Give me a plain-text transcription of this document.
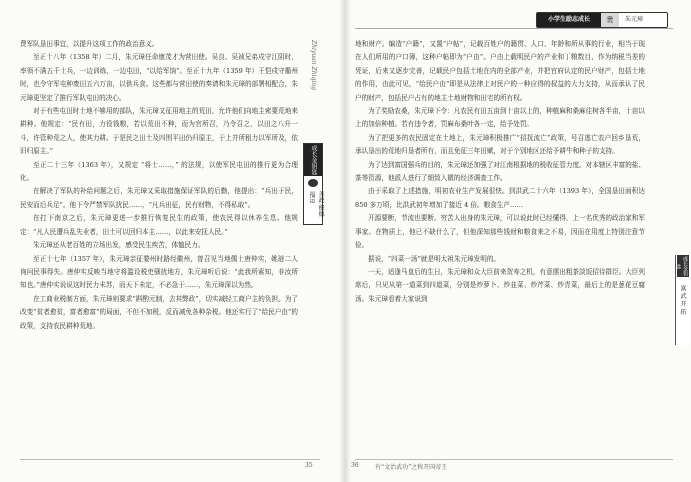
费军队垦田事宜，以提升这项工作的政治意义。

至正十八年（1358 年）二月，朱元璋任命康茂才为营田使。吴良、吴祯兄弟戍守江阴时，率领不满五千士兵，一边训练，一边屯田，“以给军饷”。至正十九年（1359 年）王恺戍守衢州时，也令守军屯种废田五六万亩，以供兵食。这些都与营田使的奏请和朱元璋的部署相配合，朱元璋更坚定了推行军队屯田的决心。

对于有些屯田时土地不够用的部队，朱元璋又征用地主的荒田，允许他们向地主索要荒地来耕种。他规定：“民有田，力役钱粮，若以荒田不种，而为官所召，乃令召之，以田之八升一斗，许管种荒之人，使其力耕。于是民之田土及四围平田仍归原主，于上并所租力以军所及，依旧归原主。”

至正二十三年（1363 年），又规定 “将士……，” 的法规，以使军民屯田的推行更为合理化。

在解决了军队的补给问题之后，朱元璋又采取措施保证军队的后勤，他提出：“兵出于民，民安而后兵足”。他下令严禁军队扰民……，“凡兵出征，民有财物，不得私取”。

在打下南京之后，朱元璋更进一步推行恢复民生的政策，使农民得以休养生息。他规定：“凡人民遭兵乱失业者，田土可以回归本主……，以此来安抚人民。”

朱元璋还从老百姓的立场出发，感受民生疾苦，体恤民力。

至正十七年（1357 年），朱元璋亲征婺州时路经徽州，曾召见当地儒士唐仲实，姚琏二人询问民事得失。唐仲实反映当地守将滥设税吏骚扰地方，朱元璋听后说：“此我所素知，非汝所知也。”唐仲实说说这时民力未苏，而天下未定，不必急于……，朱元璋深以为然。

在工商业税制方面，朱元璋则要求“斟酌元制，去其弊政”，切实减轻工商户主的负担。为了改变“贫者愈贫，富者愈富”的局面，不但不加税，反而减免各种杂税。他还实行了“给民户由”的政策，支持农民耕种荒地。

Zhiyuan Zhiqing
成长金钥匙
善政 积德 福运
35
小学生励志成长	贵	朱元璋

地和财产。编造“户籍”，又置“户帖”，记载百姓户的籍贯、人口、年龄和所从事的行业，相当于现在人们所用的户口簿，这种户帖即为“户由”。户由上载明民户的产业和丁粮数目，作为纳税当差的凭证，后来又逐步完善，记载民户包括土地在内的全部产业，并把官府认定的民户财产，包括土地的作用，由此可见，“给民户由”即是从法律上对民户的一种应得的权益的大力支持，从而承认了民户的财产，包括民户占有的地主土地财物和田宅的所有权。

为了奖励农桑，朱元璋下令：凡农民有田五亩到十亩以上的，种植麻和桑麻往树各半亩，十亩以上的加倍种植。若有违令者，罚麻布桑叶各一定，给予处罚。

为了把更多的农民固定在土地上，朱元璋积极推广“招抚流亡”政策，号召逃亡农户回乡垦荒，承认垦出的荒地归垦者所有，而且免征三年田赋，对于个别地区还给予耕牛和种子的支持。

为了达到富国强兵的目的，朱元璋还加强了对江南根据地的税收征管力度。对本辖区丰富的盐、茶等资源，他派人进行了细致入微的经济调查工作。

由于采取了上述措施，明初农业生产发展很快。到洪武二十六年（1393 年），全国垦田面积达 850 多万顷，比洪武初年增加了接近 4 倍。粮食生产……

开源要断，节流也要断。穷苦人出身的朱元璋，可以说此时已经懂得，上一名优秀的政治家和军事家。在物质上，他已不缺什么了，但他深知那些钱财和粮食来之不易，因而在用度上特别注意节俭。

据说，“四菜一汤”就是明太祖朱元璋发明的。

一天，适逢马皇后的生日，朱元璋和众大臣前来贺寿之机，有意摆出粗茶淡饭招待群臣。大臣列席后，只见从第一道菜到四道菜，分别是炒萝卜、炒韭菜、炒芹菜、炒青菜，最后上的是葱花豆腐汤。朱元璋看着大家说到

成长金钥匙
富 武 开 拓
36	有“文治武功”之称开国帝王
